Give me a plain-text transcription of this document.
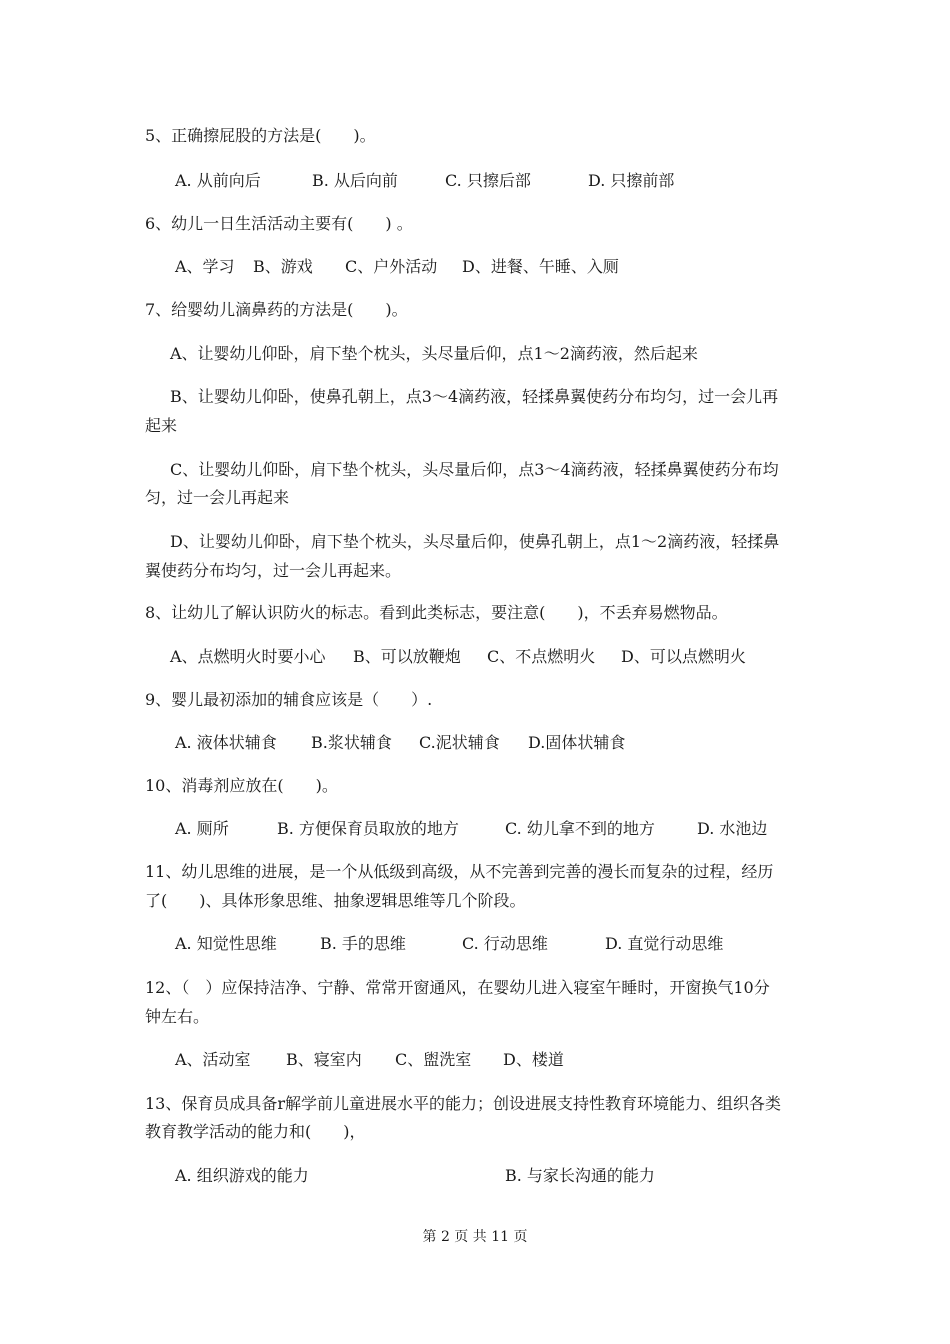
5、正确擦屁股的方法是(　　)。
A. 从前向后	B. 从后向前	C. 只擦后部	D. 只擦前部
6、幼儿一日生活活动主要有(　　) 。
A、学习 B、游戏 C、户外活动 D、进餐、午睡、入厕
7、给婴幼儿滴鼻药的方法是(　　)。
A、让婴幼儿仰卧，肩下垫个枕头，头尽量后仰，点1～2滴药液，然后起来
B、让婴幼儿仰卧，使鼻孔朝上，点3～4滴药液，轻揉鼻翼使药分布均匀，过一会儿再
起来
C、让婴幼儿仰卧，肩下垫个枕头，头尽量后仰，点3～4滴药液，轻揉鼻翼使药分布均
匀，过一会儿再起来
D、让婴幼儿仰卧，肩下垫个枕头，头尽量后仰，使鼻孔朝上，点1～2滴药液，轻揉鼻
翼使药分布均匀，过一会儿再起来。
8、让幼儿了解认识防火的标志。看到此类标志，要注意(　　)，不丢弃易燃物品。
A、点燃明火时要小心 B、可以放鞭炮 C、不点燃明火 D、可以点燃明火
9、婴儿最初添加的辅食应该是（　　）.
A. 液体状辅食 B.浆状辅食 C.泥状辅食 D.固体状辅食
10、消毒剂应放在(　　)。
A. 厕所	B. 方便保育员取放的地方	C. 幼儿拿不到的地方	D. 水池边
11、幼儿思维的进展，是一个从低级到高级，从不完善到完善的漫长而复杂的过程，经历
了(　　)、具体形象思维、抽象逻辑思维等几个阶段。
A. 知觉性思维	B. 手的思维	C. 行动思维	D. 直觉行动思维
12、（　）应保持洁净、宁静、常常开窗通风，在婴幼儿进入寝室午睡时，开窗换气10分
钟左右。
A、活动室 B、寝室内 C、盥洗室 D、楼道
13、保育员成具备r解学前儿童进展水平的能力；创设进展支持性教育环境能力、组织各类
教育教学活动的能力和(　　)，
A. 组织游戏的能力	B. 与家长沟通的能力
第 2 页 共 11 页
